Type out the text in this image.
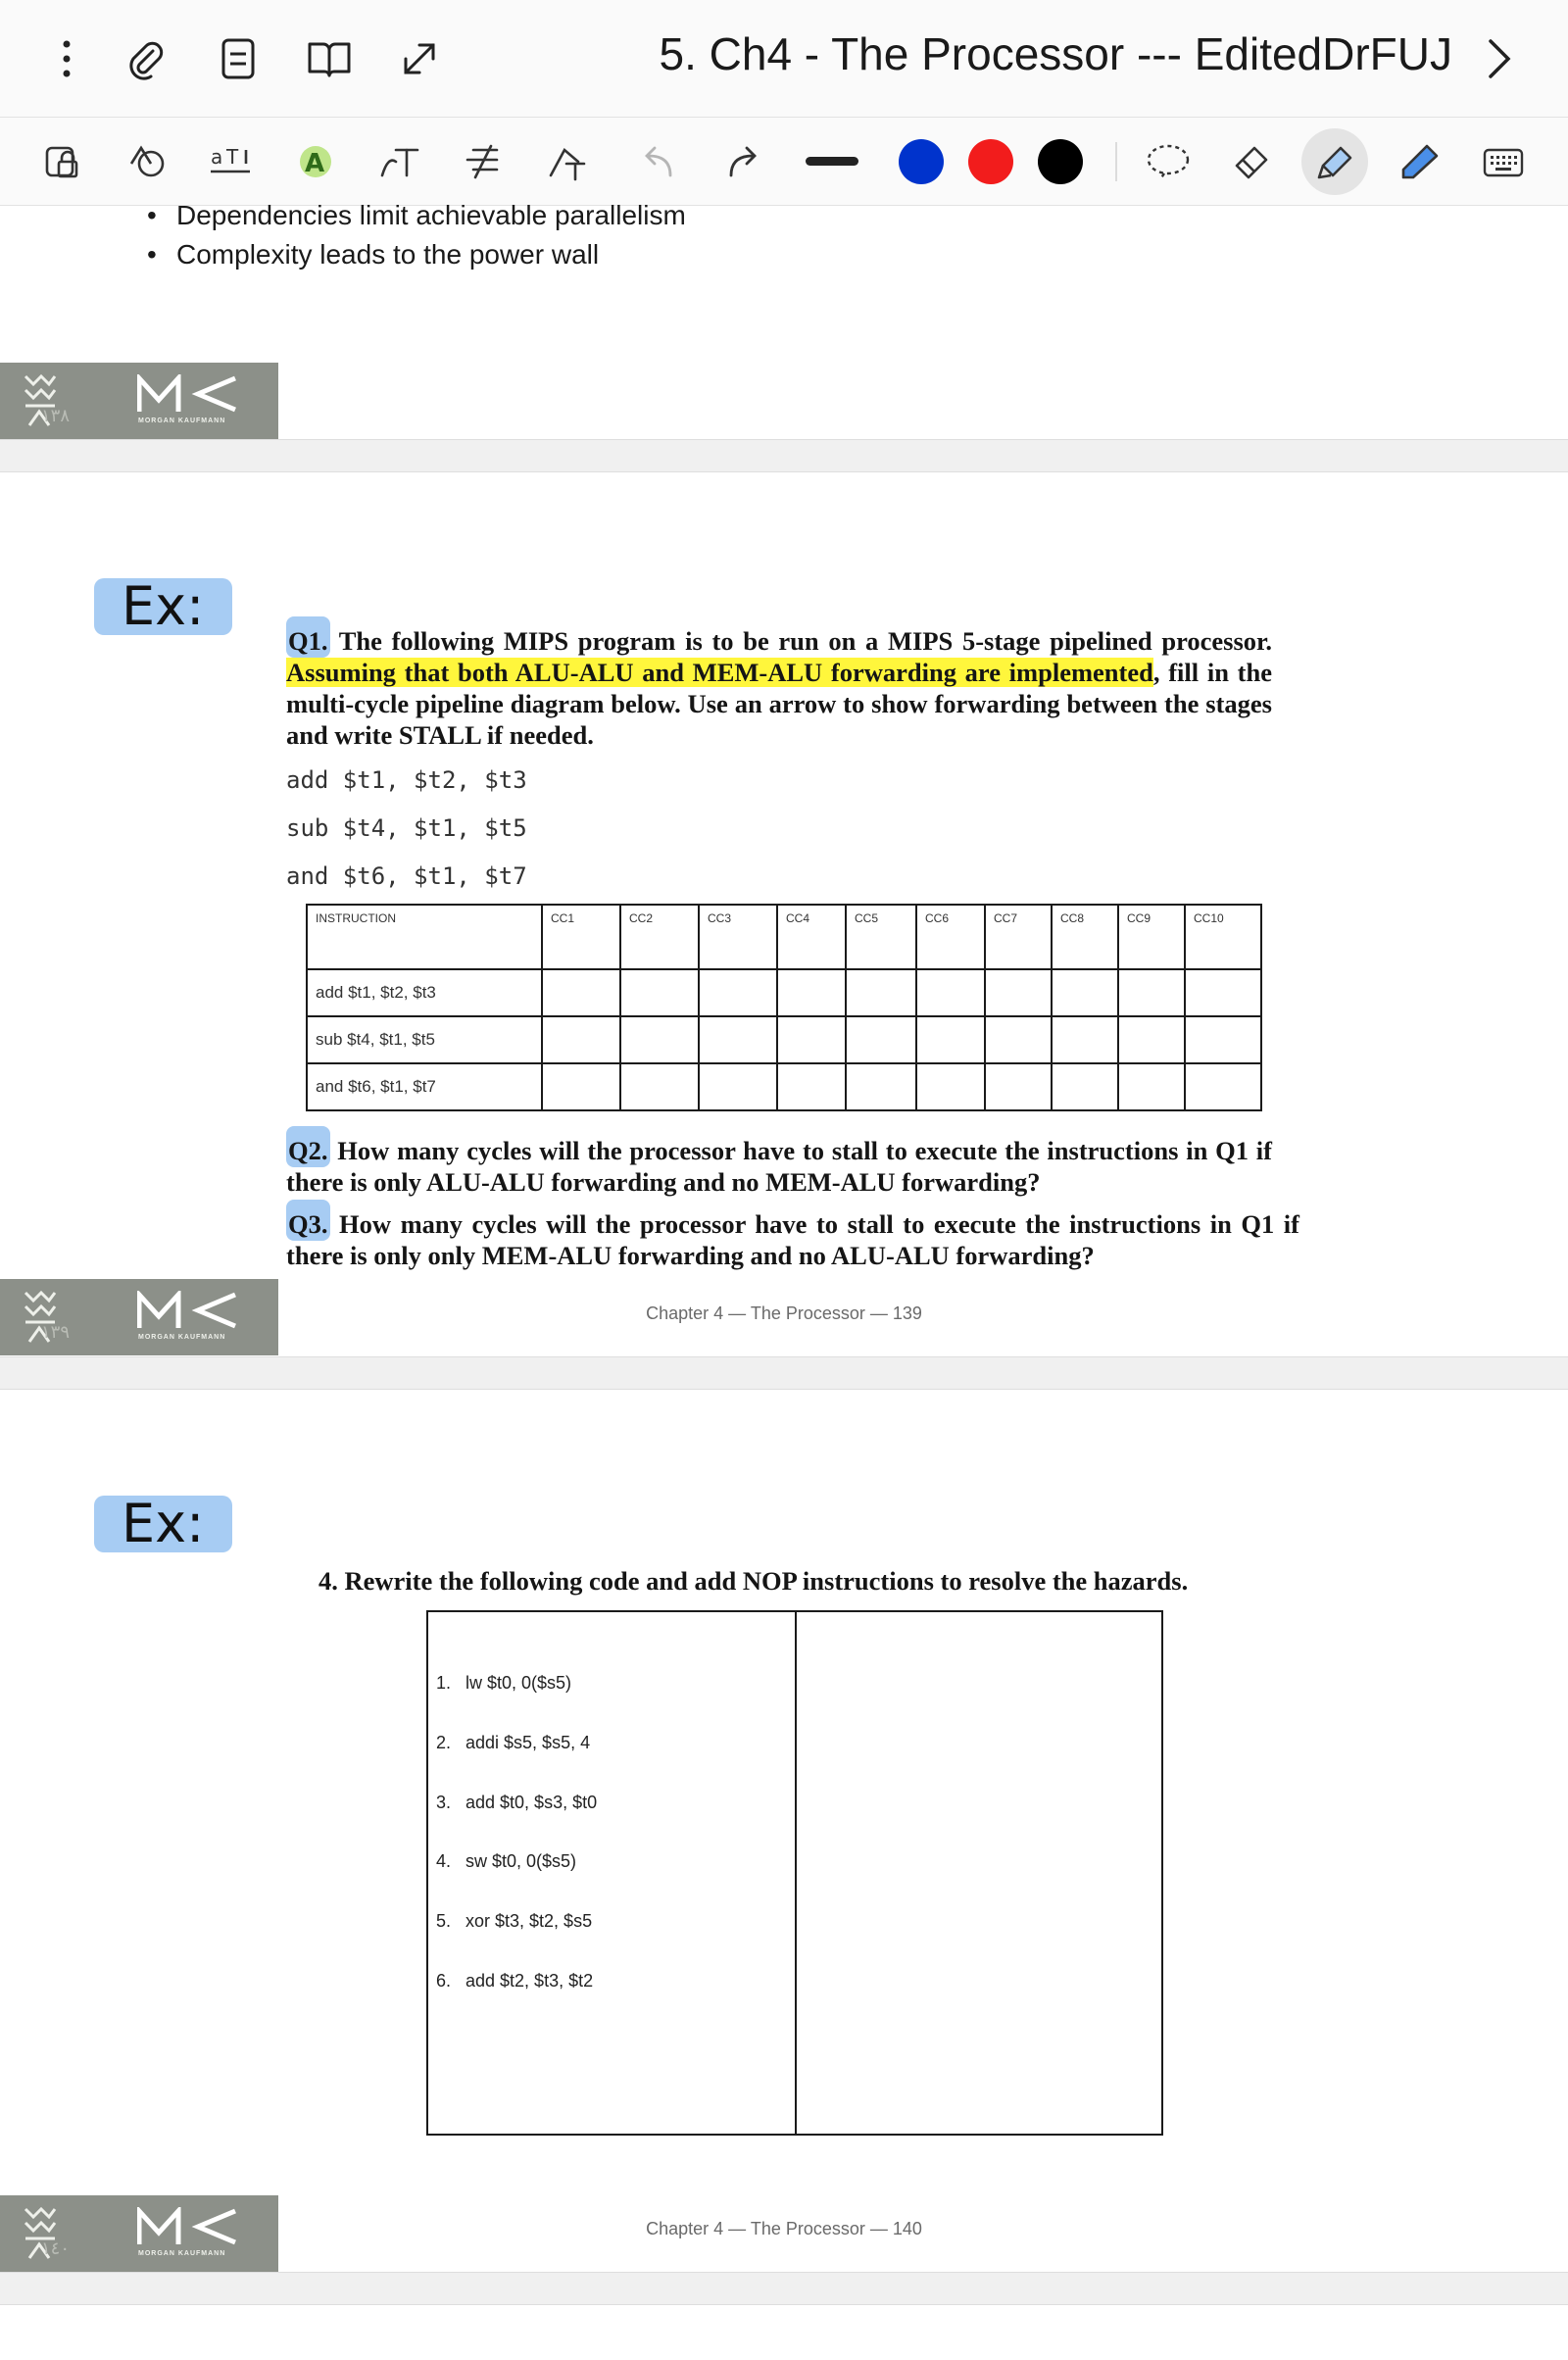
5. Ch4 - The Processor --- EditedDrFUJ
a T	A
• Dependencies limit achievable parallelism
• Complexity leads to the power wall
١٣٨	MORGAN KAUFMANN
Ex:
Q1. The following MIPS program is to be run on a MIPS 5-stage pipelined processor. Assuming that both ALU-ALU and MEM-ALU forwarding are implemented, fill in the multi-cycle pipeline diagram below. Use an arrow to show forwarding between the stages and write STALL if needed.
add $t1, $t2, $t3
sub $t4, $t1, $t5
and $t6, $t1, $t7
INSTRUCTION	CC1	CC2	CC3	CC4	CC5	CC6	CC7	CC8	CC9	CC10
add $t1, $t2, $t3										
sub $t4, $t1, $t5										
and $t6, $t1, $t7										
Q2. How many cycles will the processor have to stall to execute the instructions in Q1 if there is only ALU-ALU forwarding and no MEM-ALU forwarding?
Q3. How many cycles will the processor have to stall to execute the instructions in Q1 if there is only only MEM-ALU forwarding and no ALU-ALU forwarding?
Chapter 4 — The Processor — 139
١٣٩	MORGAN KAUFMANN
Ex:
4. Rewrite the following code and add NOP instructions to resolve the hazards.
1. lw $t0, 0($s5)
2. addi $s5, $s5, 4
3. add $t0, $s3, $t0
4. sw $t0, 0($s5)
5. xor $t3, $t2, $s5
6. add $t2, $t3, $t2
Chapter 4 — The Processor — 140
١٤٠	MORGAN KAUFMANN
